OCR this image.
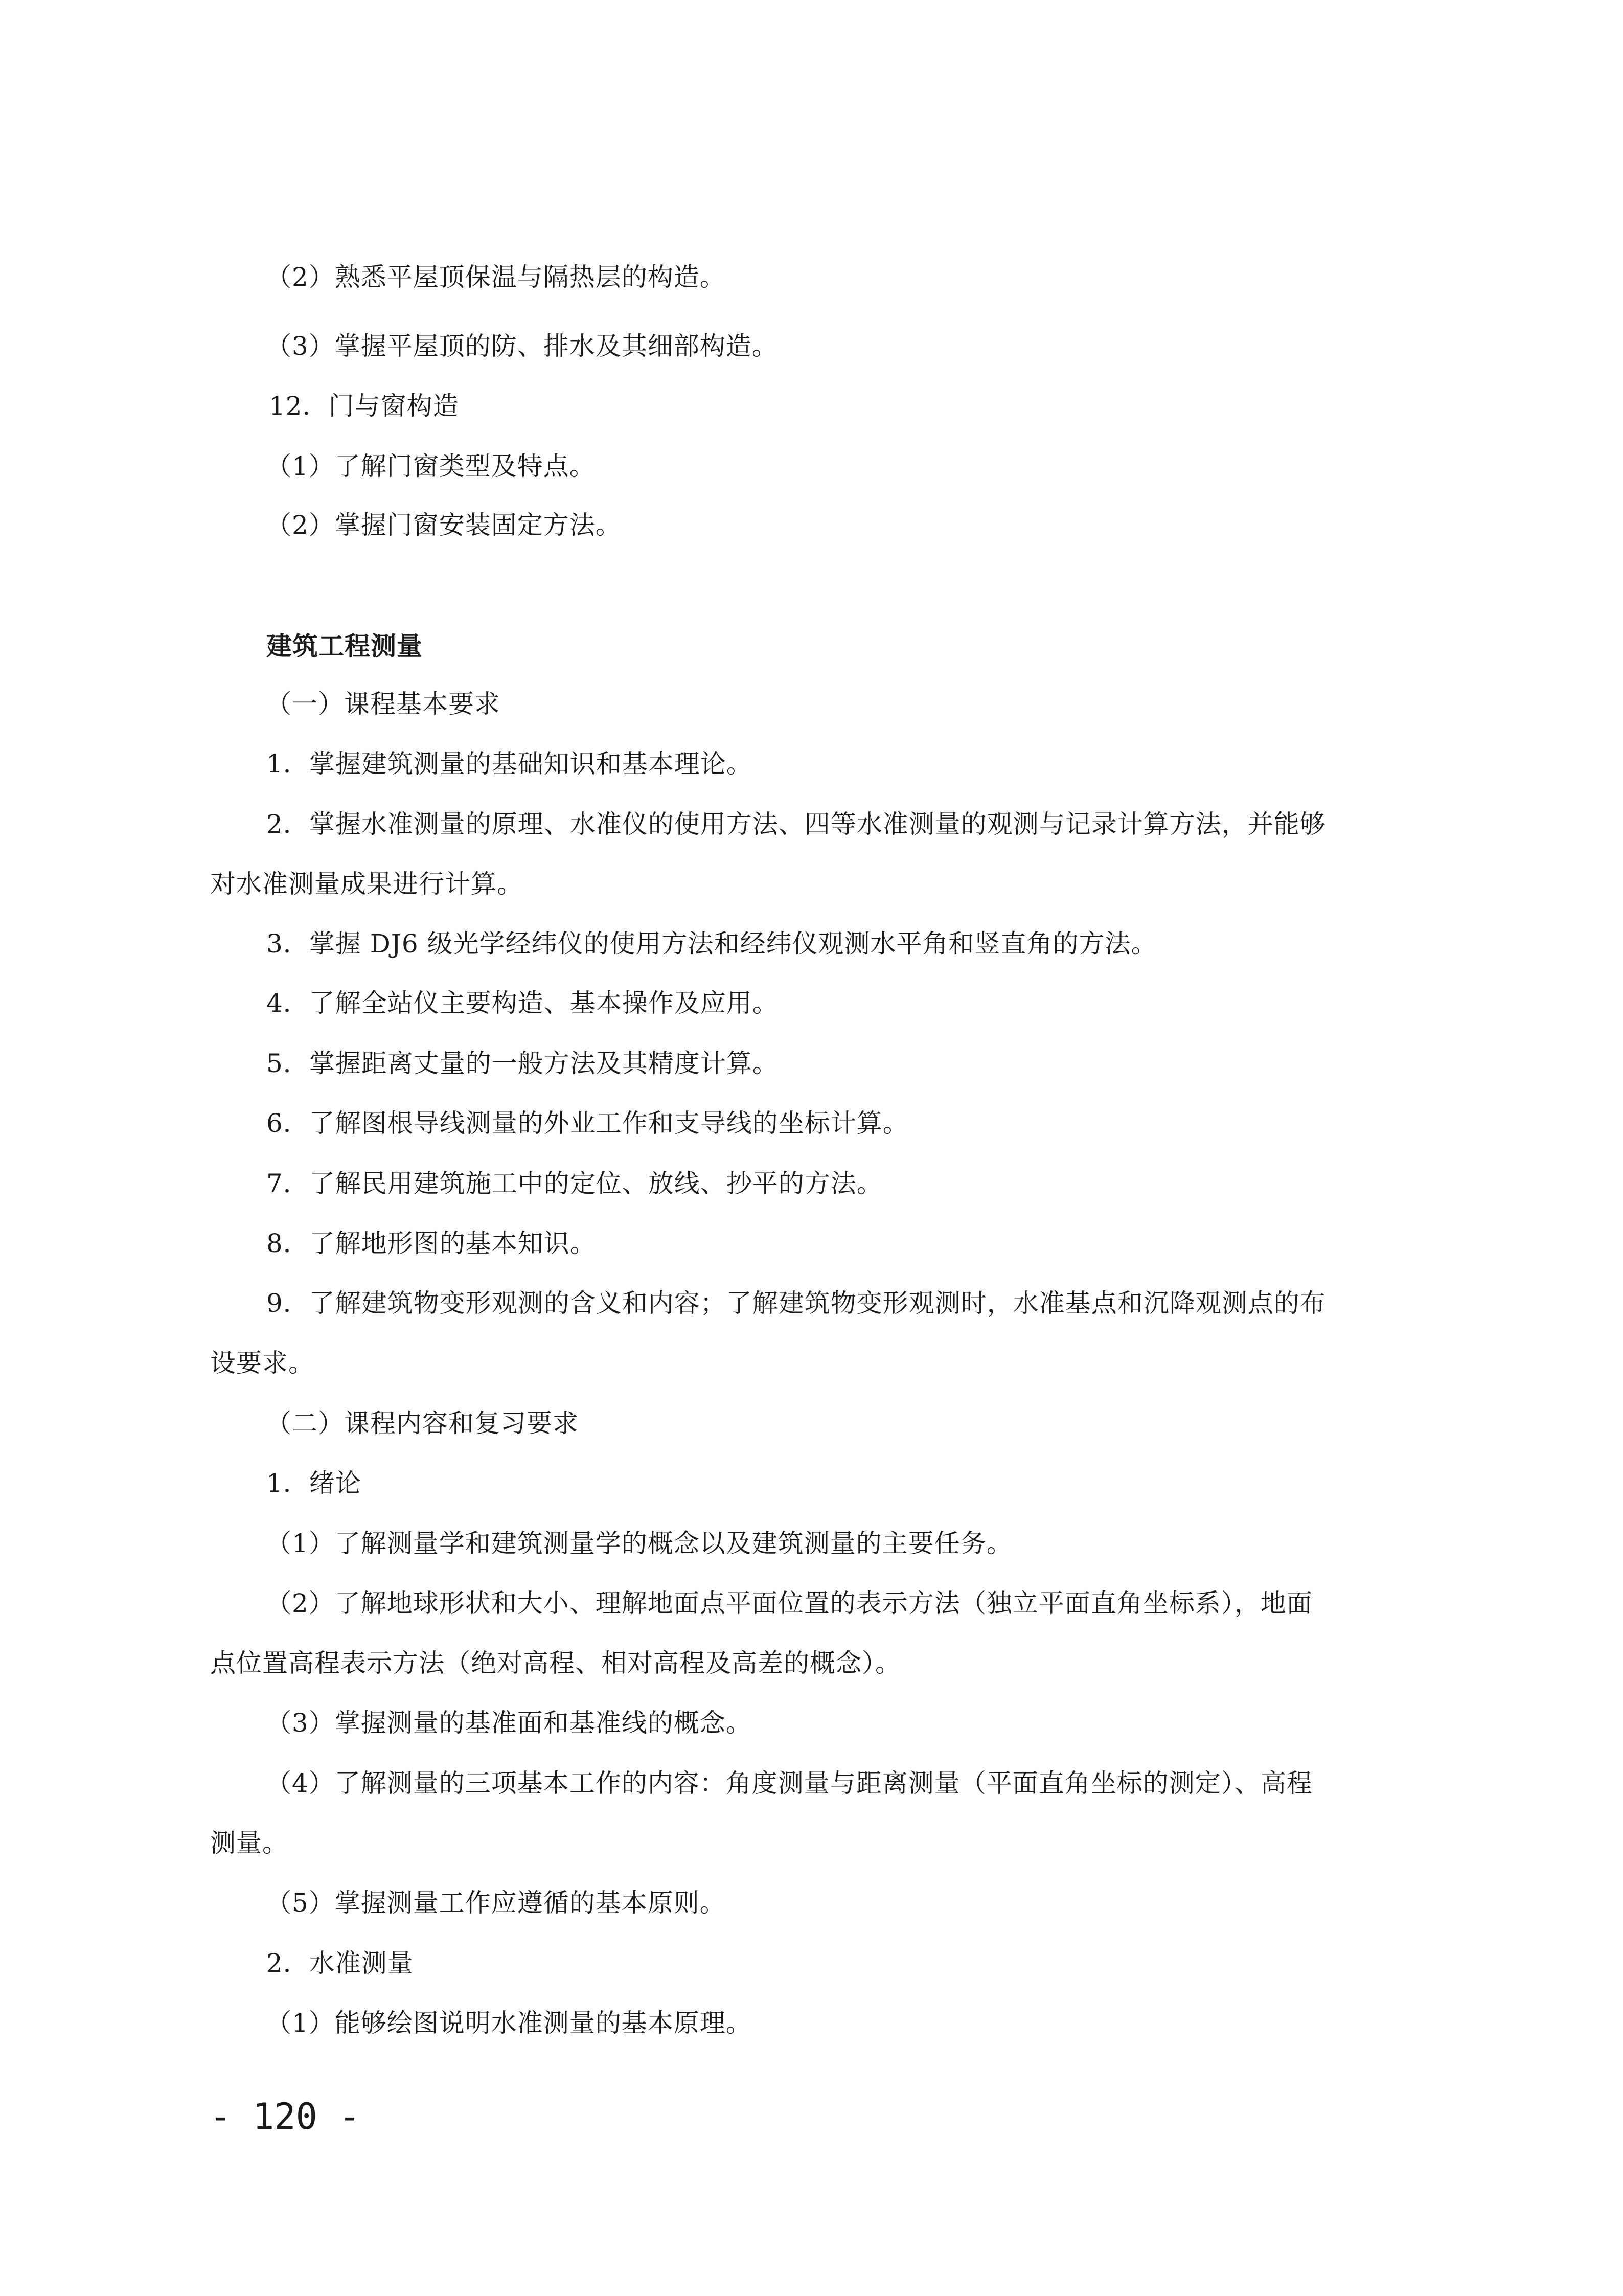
（2）熟悉平屋顶保温与隔热层的构造。
（3）掌握平屋顶的防、排水及其细部构造。
12．门与窗构造
（1）了解门窗类型及特点。
（2）掌握门窗安装固定方法。
建筑工程测量
（一）课程基本要求
1．掌握建筑测量的基础知识和基本理论。
2．掌握水准测量的原理、水准仪的使用方法、四等水准测量的观测与记录计算方法，并能够
对水准测量成果进行计算。
3．掌握 DJ6 级光学经纬仪的使用方法和经纬仪观测水平角和竖直角的方法。
4．了解全站仪主要构造、基本操作及应用。
5．掌握距离丈量的一般方法及其精度计算。
6．了解图根导线测量的外业工作和支导线的坐标计算。
7．了解民用建筑施工中的定位、放线、抄平的方法。
8．了解地形图的基本知识。
9．了解建筑物变形观测的含义和内容；了解建筑物变形观测时，水准基点和沉降观测点的布
设要求。
（二）课程内容和复习要求
1．绪论
（1）了解测量学和建筑测量学的概念以及建筑测量的主要任务。
（2）了解地球形状和大小、理解地面点平面位置的表示方法（独立平面直角坐标系），地面
点位置高程表示方法（绝对高程、相对高程及高差的概念）。
（3）掌握测量的基准面和基准线的概念。
（4）了解测量的三项基本工作的内容：角度测量与距离测量（平面直角坐标的测定）、高程
测量。
（5）掌握测量工作应遵循的基本原则。
2．水准测量
（1）能够绘图说明水准测量的基本原理。
- 120 -
